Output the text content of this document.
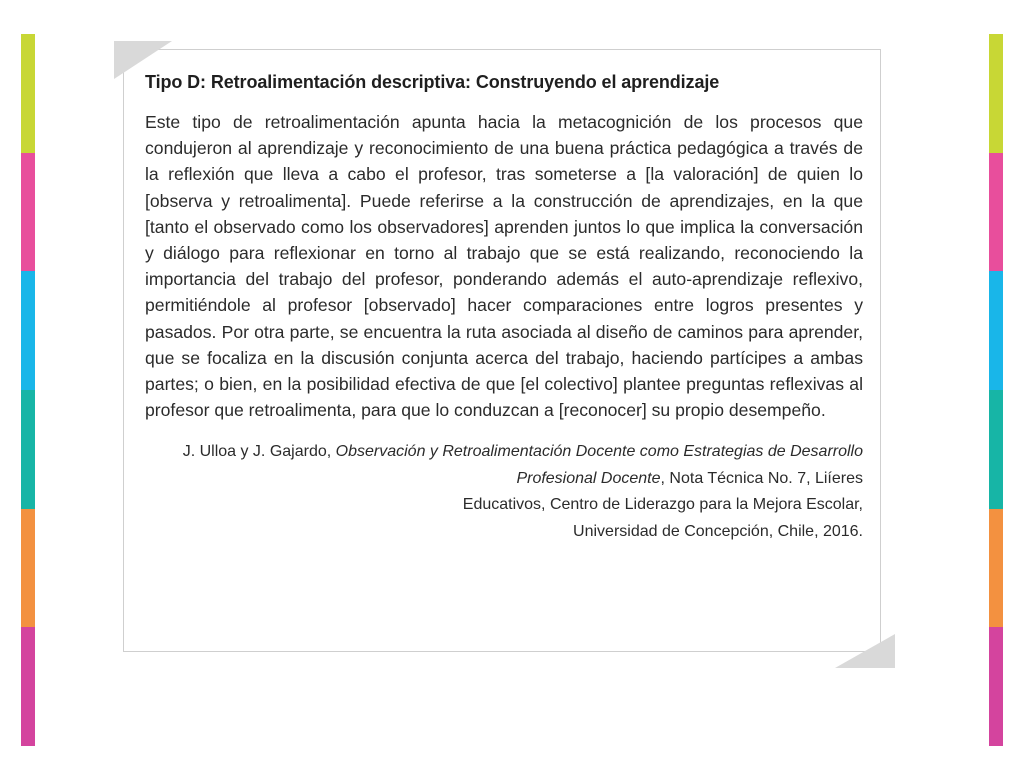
Tipo D: Retroalimentación descriptiva: Construyendo el aprendizaje

Este tipo de retroalimentación apunta hacia la metacognición de los procesos que condujeron al aprendizaje y reconocimiento de una buena práctica pedagógica a través de la reflexión que lleva a cabo el profesor, tras someterse a [la valoración] de quien lo [observa y retroalimenta]. Puede referirse a la construcción de aprendizajes, en la que [tanto el observado como los observadores] aprenden juntos lo que implica la conversación y diálogo para reflexionar en torno al trabajo que se está realizando, reconociendo la importancia del trabajo del profesor, ponderando además el auto-aprendizaje reflexivo, permitiéndole al profesor [observado] hacer comparaciones entre logros presentes y pasados. Por otra parte, se encuentra la ruta asociada al diseño de caminos para aprender, que se focaliza en la discusión conjunta acerca del trabajo, haciendo partícipes a ambas partes; o bien, en la posibilidad efectiva de que [el colectivo] plantee preguntas reflexivas al profesor que retroalimenta, para que lo conduzcan a [reconocer] su propio desempeño.

J. Ulloa y J. Gajardo, Observación y Retroalimentación Docente como Estrategias de Desarrollo Profesional Docente, Nota Técnica No. 7, Liíeres
Educativos, Centro de Liderazgo para la Mejora Escolar,
Universidad de Concepción, Chile, 2016.
